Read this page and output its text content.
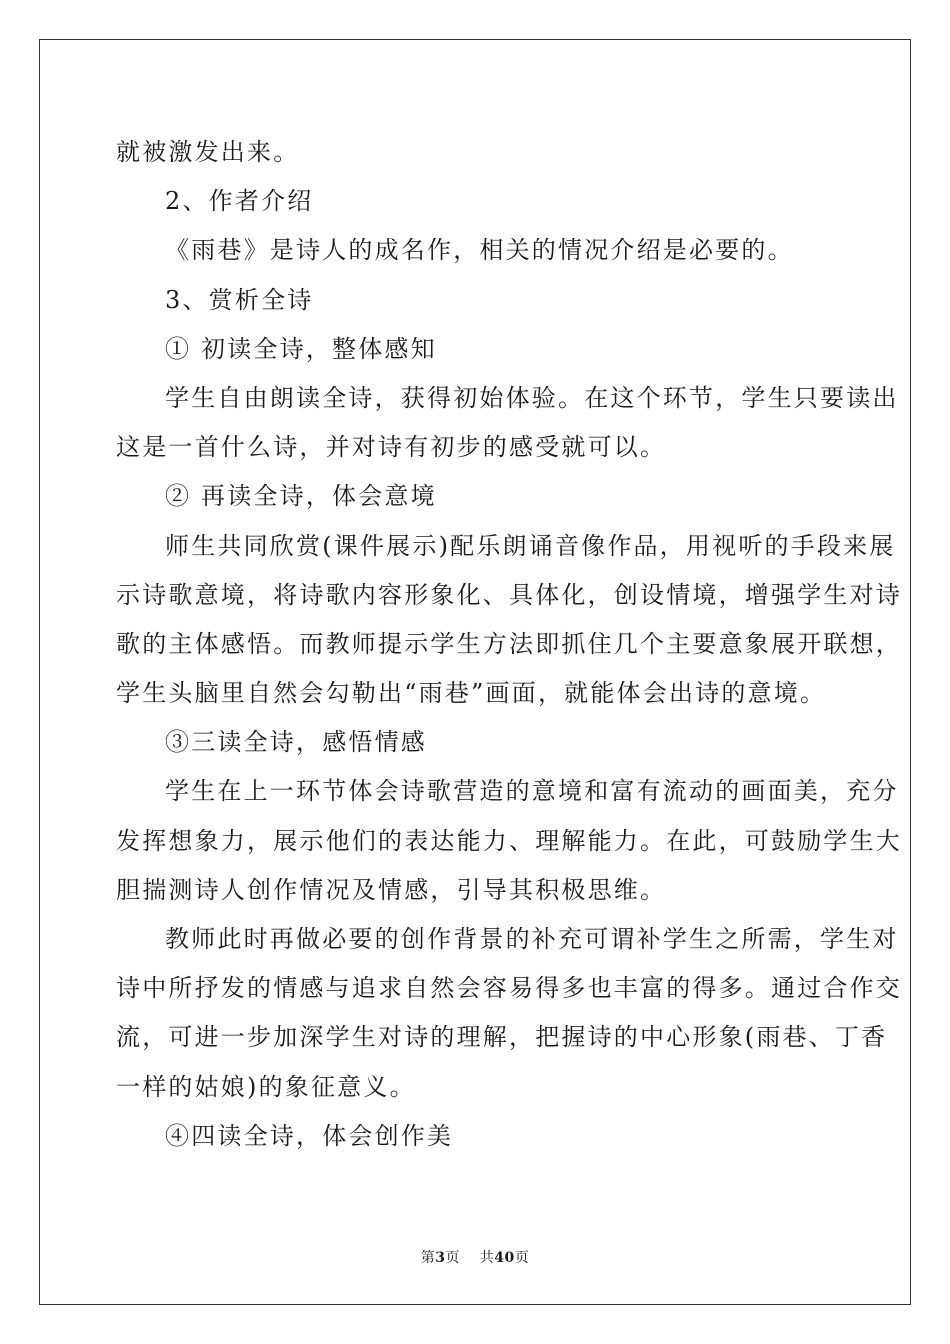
就被激发出来。
2、作者介绍
《雨巷》是诗人的成名作，相关的情况介绍是必要的。
3、赏析全诗
① 初读全诗，整体感知
学生自由朗读全诗，获得初始体验。在这个环节，学生只要读出
这是一首什么诗，并对诗有初步的感受就可以。
② 再读全诗，体会意境
师生共同欣赏(课件展示)配乐朗诵音像作品，用视听的手段来展
示诗歌意境，将诗歌内容形象化、具体化，创设情境，增强学生对诗
歌的主体感悟。而教师提示学生方法即抓住几个主要意象展开联想，
学生头脑里自然会勾勒出“雨巷”画面，就能体会出诗的意境。
③三读全诗，感悟情感
学生在上一环节体会诗歌营造的意境和富有流动的画面美，充分
发挥想象力，展示他们的表达能力、理解能力。在此，可鼓励学生大
胆揣测诗人创作情况及情感，引导其积极思维。
教师此时再做必要的创作背景的补充可谓补学生之所需，学生对
诗中所抒发的情感与追求自然会容易得多也丰富的得多。通过合作交
流，可进一步加深学生对诗的理解，把握诗的中心形象(雨巷、丁香
一样的姑娘)的象征意义。
④四读全诗，体会创作美
第3页 共40页
